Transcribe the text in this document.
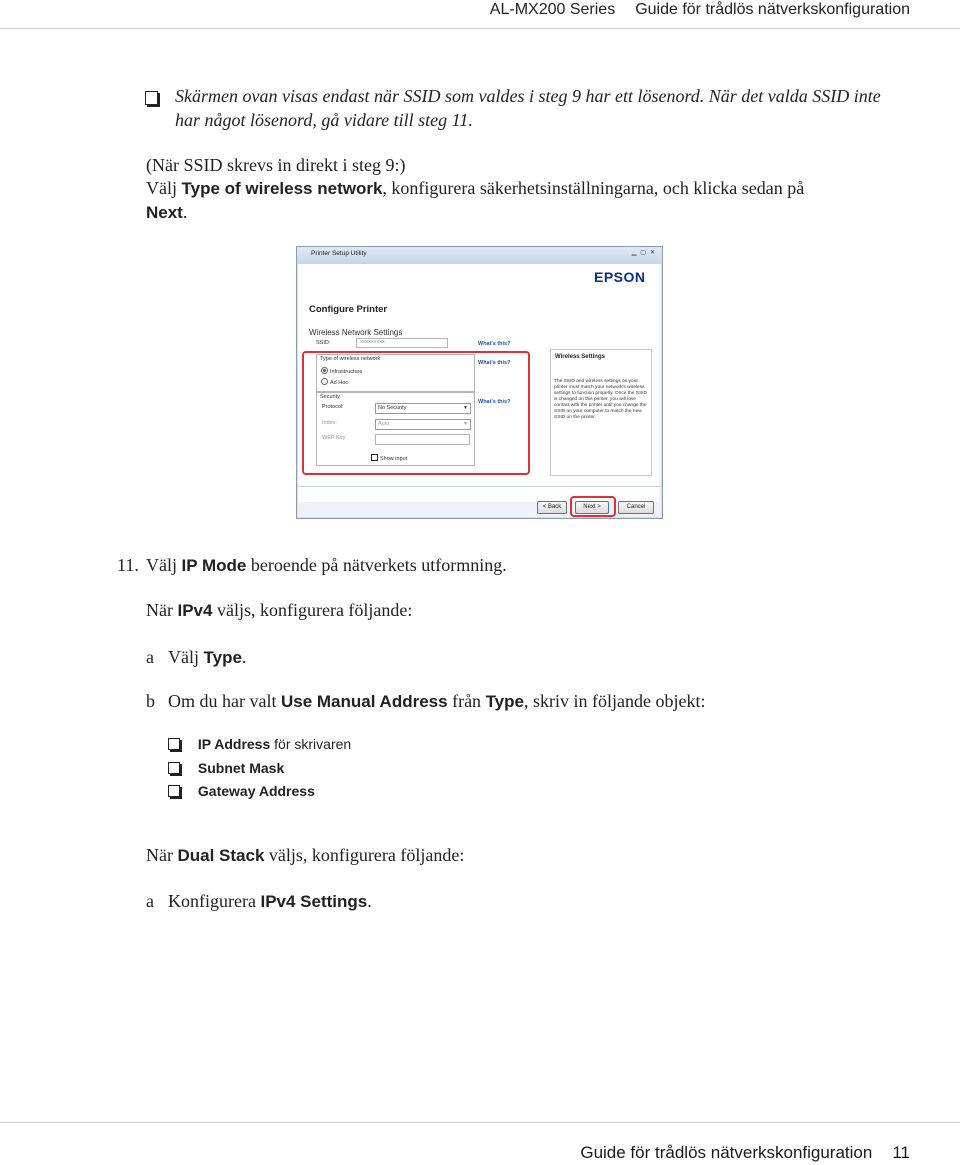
AL-MX200 Series Guide för trådlös nätverkskonfiguration
Skärmen ovan visas endast när SSID som valdes i steg 9 har ett lösenord. När det valda SSID inte har något lösenord, gå vidare till steg 11.
(När SSID skrevs in direkt i steg 9:)
Välj Type of wireless network, konfigurera säkerhetsinställningarna, och klicka sedan på
Next.
Printer Setup Utility	▁▢✕
EPSON
Configure Printer
Wireless Network Settings
SSID:	xxxxxxxxx	What's this?
Type of wireless network
Infrastructure
Ad Hoc
What's this?
Security
Protocol:	No Security	▼
Index:	Auto	▼
WEP Key:
Show input
What's this?
Wireless Settings
The SSID and wireless settings on your printer must match your network's wireless settings to function properly. Once the SSID is changed on this printer, you will lose contact with the printer until you change the SSID on your computer to match the new SSID on the printer.
< Back	Next >	Cancel
11. Välj IP Mode beroende på nätverkets utformning.
När IPv4 väljs, konfigurera följande:
a Välj Type.
b Om du har valt Use Manual Address från Type, skriv in följande objekt:
IP Address för skrivaren
Subnet Mask
Gateway Address
När Dual Stack väljs, konfigurera följande:
a Konfigurera IPv4 Settings.
Guide för trådlös nätverkskonfiguration 11
